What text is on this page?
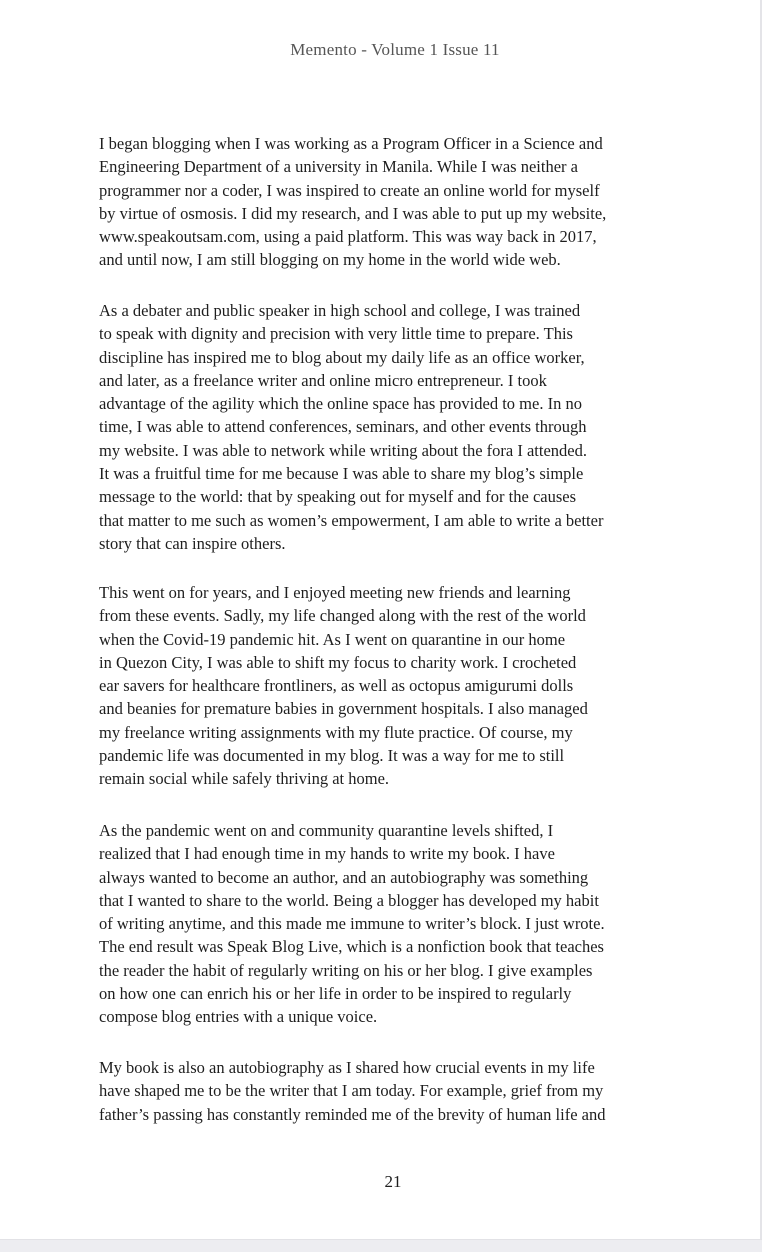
Memento - Volume 1 Issue 11
I began blogging when I was working as a Program Officer in a Science and
Engineering Department of a university in Manila. While I was neither a
programmer nor a coder, I was inspired to create an online world for myself
by virtue of osmosis. I did my research, and I was able to put up my website,
www.speakoutsam.com, using a paid platform. This was way back in 2017,
and until now, I am still blogging on my home in the world wide web.
As a debater and public speaker in high school and college, I was trained
to speak with dignity and precision with very little time to prepare. This
discipline has inspired me to blog about my daily life as an office worker,
and later, as a freelance writer and online micro entrepreneur. I took
advantage of the agility which the online space has provided to me. In no
time, I was able to attend conferences, seminars, and other events through
my website. I was able to network while writing about the fora I attended.
It was a fruitful time for me because I was able to share my blog’s simple
message to the world: that by speaking out for myself and for the causes
that matter to me such as women’s empowerment, I am able to write a better
story that can inspire others.
This went on for years, and I enjoyed meeting new friends and learning
from these events. Sadly, my life changed along with the rest of the world
when the Covid-19 pandemic hit. As I went on quarantine in our home
in Quezon City, I was able to shift my focus to charity work. I crocheted
ear savers for healthcare frontliners, as well as octopus amigurumi dolls
and beanies for premature babies in government hospitals. I also managed
my freelance writing assignments with my flute practice. Of course, my
pandemic life was documented in my blog. It was a way for me to still
remain social while safely thriving at home.
As the pandemic went on and community quarantine levels shifted, I
realized that I had enough time in my hands to write my book. I have
always wanted to become an author, and an autobiography was something
that I wanted to share to the world. Being a blogger has developed my habit
of writing anytime, and this made me immune to writer’s block. I just wrote.
The end result was Speak Blog Live, which is a nonfiction book that teaches
the reader the habit of regularly writing on his or her blog. I give examples
on how one can enrich his or her life in order to be inspired to regularly
compose blog entries with a unique voice.
My book is also an autobiography as I shared how crucial events in my life
have shaped me to be the writer that I am today. For example, grief from my
father’s passing has constantly reminded me of the brevity of human life and
21
